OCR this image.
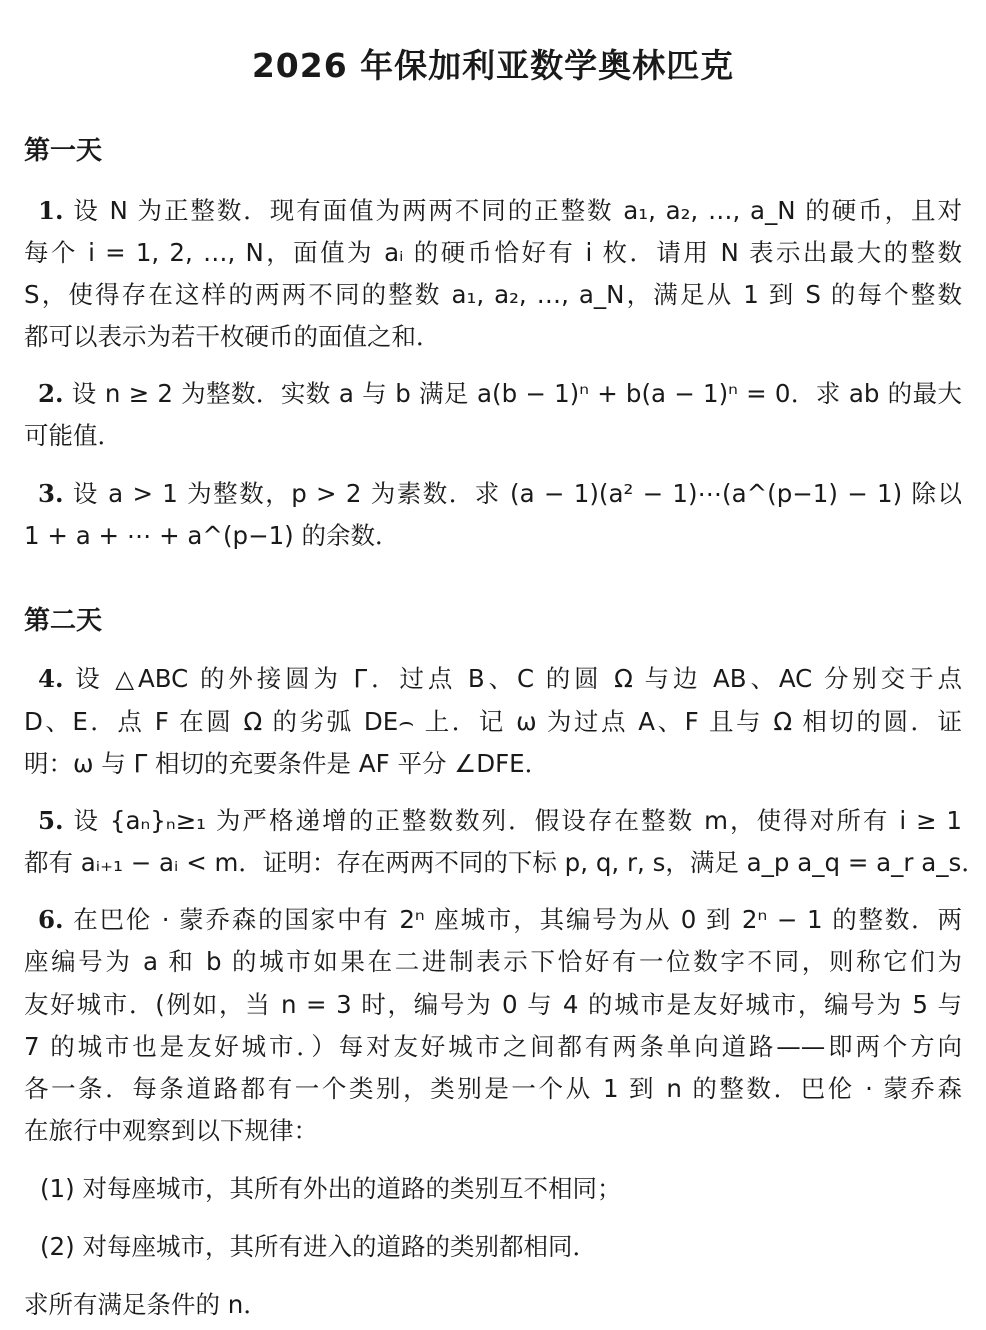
2026 年保加利亚数学奥林匹克
第一天
1. 设 N 为正整数．现有面值为两两不同的正整数 a₁, a₂, …, a_N 的硬币，且对
每个 i = 1, 2, …, N，面值为 aᵢ 的硬币恰好有 i 枚．请用 N 表示出最大的整数
S，使得存在这样的两两不同的整数 a₁, a₂, …, a_N，满足从 1 到 S 的每个整数
都可以表示为若干枚硬币的面值之和．
2. 设 n ≥ 2 为整数．实数 a 与 b 满足 a(b − 1)ⁿ + b(a − 1)ⁿ = 0．求 ab 的最大
可能值．
3. 设 a > 1 为整数，p > 2 为素数．求 (a − 1)(a² − 1)⋯(a^(p−1) − 1) 除以
1 + a + ⋯ + a^(p−1) 的余数．
第二天
4. 设 △ABC 的外接圆为 Γ．过点 B、C 的圆 Ω 与边 AB、AC 分别交于点
D、E．点 F 在圆 Ω 的劣弧 DE⌢ 上．记 ω 为过点 A、F 且与 Ω 相切的圆．证
明：ω 与 Γ 相切的充要条件是 AF 平分 ∠DFE．
5. 设 {aₙ}ₙ≥₁ 为严格递增的正整数数列．假设存在整数 m，使得对所有 i ≥ 1
都有 aᵢ₊₁ − aᵢ < m．证明：存在两两不同的下标 p, q, r, s，满足 a_p a_q = a_r a_s．
6. 在巴伦 · 蒙乔森的国家中有 2ⁿ 座城市，其编号为从 0 到 2ⁿ − 1 的整数．两
座编号为 a 和 b 的城市如果在二进制表示下恰好有一位数字不同，则称它们为
友好城市．(例如，当 n = 3 时，编号为 0 与 4 的城市是友好城市，编号为 5 与
7 的城市也是友好城市．）每对友好城市之间都有两条单向道路——即两个方向
各一条．每条道路都有一个类别，类别是一个从 1 到 n 的整数．巴伦 · 蒙乔森
在旅行中观察到以下规律：
(1) 对每座城市，其所有外出的道路的类别互不相同；
(2) 对每座城市，其所有进入的道路的类别都相同．
求所有满足条件的 n．
